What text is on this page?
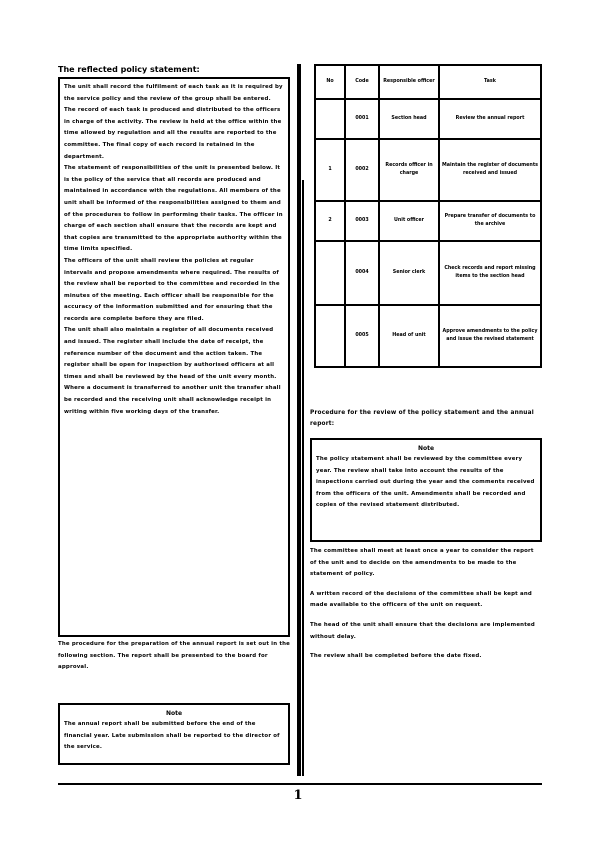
The reflected policy statement:

The unit shall record the fulfilment of each task as it is required by the service policy and the review of the group shall be entered. The record of each task is produced and distributed to the officers in charge of the activity. The review is held at the office within the time allowed by regulation and all the results are reported to the committee. The final copy of each record is retained in the department.

The statement of responsibilities of the unit is presented below. It is the policy of the service that all records are produced and maintained in accordance with the regulations. All members of the unit shall be informed of the responsibilities assigned to them and of the procedures to follow in performing their tasks. The officer in charge of each section shall ensure that the records are kept and that copies are transmitted to the appropriate authority within the time limits specified.

The officers of the unit shall review the policies at regular intervals and propose amendments where required. The results of the review shall be reported to the committee and recorded in the minutes of the meeting. Each officer shall be responsible for the accuracy of the information submitted and for ensuring that the records are complete before they are filed.

The unit shall also maintain a register of all documents received and issued. The register shall include the date of receipt, the reference number of the document and the action taken. The register shall be open for inspection by authorised officers at all times and shall be reviewed by the head of the unit every month.

Where a document is transferred to another unit the transfer shall be recorded and the receiving unit shall acknowledge receipt in writing within five working days of the transfer.

The procedure for the preparation of the annual report is set out in the following section. The report shall be presented to the board for approval.
Note
The annual report shall be submitted before the end of the financial year. Late submission shall be reported to the director of the service.
No	Code	Responsible officer	Task
	0001	Section head	Review the annual report
1	0002	Records officer in charge	Maintain the register of documents received and issued
2	0003	Unit officer	Prepare transfer of documents to the archive
	0004	Senior clerk	Check records and report missing items to the section head
	0005	Head of unit	Approve amendments to the policy and issue the revised statement
Procedure for the review of the policy statement and the annual report:
Note
The policy statement shall be reviewed by the committee every year. The review shall take into account the results of the inspections carried out during the year and the comments received from the officers of the unit. Amendments shall be recorded and copies of the revised statement distributed.

The committee shall meet at least once a year to consider the report of the unit and to decide on the amendments to be made to the statement of policy.

A written record of the decisions of the committee shall be kept and made available to the officers of the unit on request.

The head of the unit shall ensure that the decisions are implemented without delay.

The review shall be completed before the date fixed.

1
